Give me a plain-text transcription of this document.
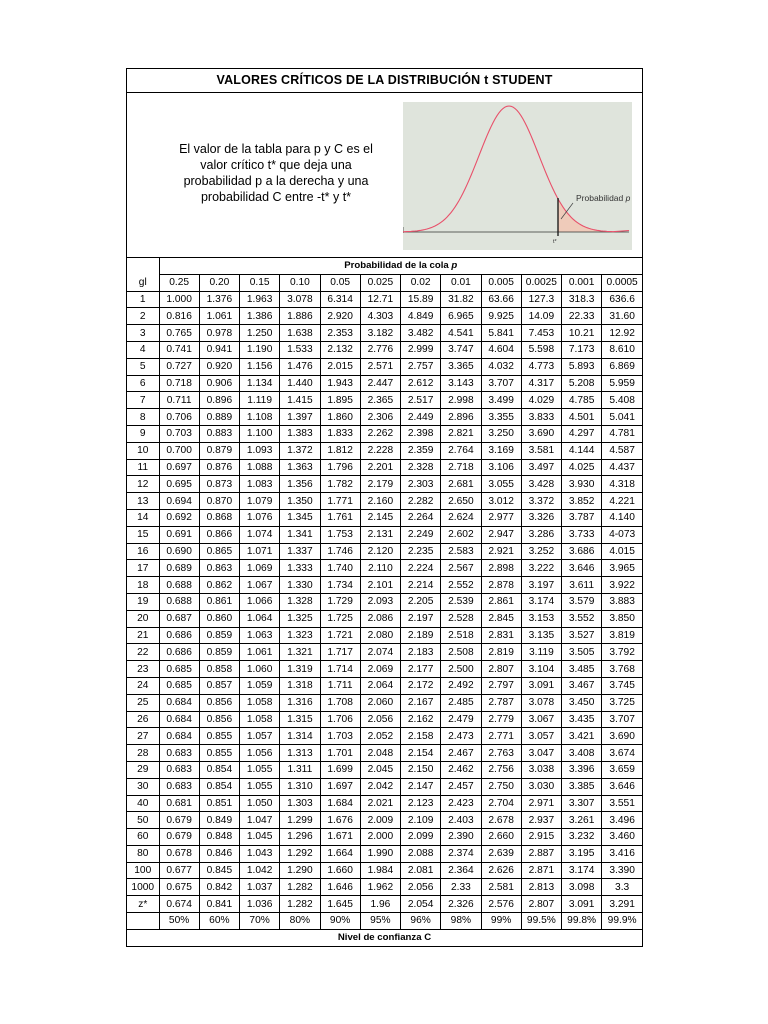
VALORES CRÍTICOS DE LA DISTRIBUCIÓN t STUDENT
El valor de la tabla para p y C es el valor crítico t* que deja una probabilidad p a la derecha y una probabilidad C entre -t* y t*	Probabilidad p
t*
	Probabilidad de la cola p											
gl	0.25	0.20	0.15	0.10	0.05	0.025	0.02	0.01	0.005	0.0025	0.001	0.0005
1	1.000	1.376	1.963	3.078	6.314	12.71	15.89	31.82	63.66	127.3	318.3	636.6
2	0.816	1.061	1.386	1.886	2.920	4.303	4.849	6.965	9.925	14.09	22.33	31.60
3	0.765	0.978	1.250	1.638	2.353	3.182	3.482	4.541	5.841	7.453	10.21	12.92
4	0.741	0.941	1.190	1.533	2.132	2.776	2.999	3.747	4.604	5.598	7.173	8.610
5	0.727	0.920	1.156	1.476	2.015	2.571	2.757	3.365	4.032	4.773	5.893	6.869
6	0.718	0.906	1.134	1.440	1.943	2.447	2.612	3.143	3.707	4.317	5.208	5.959
7	0.711	0.896	1.119	1.415	1.895	2.365	2.517	2.998	3.499	4.029	4.785	5.408
8	0.706	0.889	1.108	1.397	1.860	2.306	2.449	2.896	3.355	3.833	4.501	5.041
9	0.703	0.883	1.100	1.383	1.833	2.262	2.398	2.821	3.250	3.690	4.297	4.781
10	0.700	0.879	1.093	1.372	1.812	2.228	2.359	2.764	3.169	3.581	4.144	4.587
11	0.697	0.876	1.088	1.363	1.796	2.201	2.328	2.718	3.106	3.497	4.025	4.437
12	0.695	0.873	1.083	1.356	1.782	2.179	2.303	2.681	3.055	3.428	3.930	4.318
13	0.694	0.870	1.079	1.350	1.771	2.160	2.282	2.650	3.012	3.372	3.852	4.221
14	0.692	0.868	1.076	1.345	1.761	2.145	2.264	2.624	2.977	3.326	3.787	4.140
15	0.691	0.866	1.074	1.341	1.753	2.131	2.249	2.602	2.947	3.286	3.733	4-073
16	0.690	0.865	1.071	1.337	1.746	2.120	2.235	2.583	2.921	3.252	3.686	4.015
17	0.689	0.863	1.069	1.333	1.740	2.110	2.224	2.567	2.898	3.222	3.646	3.965
18	0.688	0.862	1.067	1.330	1.734	2.101	2.214	2.552	2.878	3.197	3.611	3.922
19	0.688	0.861	1.066	1.328	1.729	2.093	2.205	2.539	2.861	3.174	3.579	3.883
20	0.687	0.860	1.064	1.325	1.725	2.086	2.197	2.528	2.845	3.153	3.552	3.850
21	0.686	0.859	1.063	1.323	1.721	2.080	2.189	2.518	2.831	3.135	3.527	3.819
22	0.686	0.859	1.061	1.321	1.717	2.074	2.183	2.508	2.819	3.119	3.505	3.792
23	0.685	0.858	1.060	1.319	1.714	2.069	2.177	2.500	2.807	3.104	3.485	3.768
24	0.685	0.857	1.059	1.318	1.711	2.064	2.172	2.492	2.797	3.091	3.467	3.745
25	0.684	0.856	1.058	1.316	1.708	2.060	2.167	2.485	2.787	3.078	3.450	3.725
26	0.684	0.856	1.058	1.315	1.706	2.056	2.162	2.479	2.779	3.067	3.435	3.707
27	0.684	0.855	1.057	1.314	1.703	2.052	2.158	2.473	2.771	3.057	3.421	3.690
28	0.683	0.855	1.056	1.313	1.701	2.048	2.154	2.467	2.763	3.047	3.408	3.674
29	0.683	0.854	1.055	1.311	1.699	2.045	2.150	2.462	2.756	3.038	3.396	3.659
30	0.683	0.854	1.055	1.310	1.697	2.042	2.147	2.457	2.750	3.030	3.385	3.646
40	0.681	0.851	1.050	1.303	1.684	2.021	2.123	2.423	2.704	2.971	3.307	3.551
50	0.679	0.849	1.047	1.299	1.676	2.009	2.109	2.403	2.678	2.937	3.261	3.496
60	0.679	0.848	1.045	1.296	1.671	2.000	2.099	2.390	2.660	2.915	3.232	3.460
80	0.678	0.846	1.043	1.292	1.664	1.990	2.088	2.374	2.639	2.887	3.195	3.416
100	0.677	0.845	1.042	1.290	1.660	1.984	2.081	2.364	2.626	2.871	3.174	3.390
1000	0.675	0.842	1.037	1.282	1.646	1.962	2.056	2.33	2.581	2.813	3.098	3.3
z*	0.674	0.841	1.036	1.282	1.645	1.96	2.054	2.326	2.576	2.807	3.091	3.291
	50%	60%	70%	80%	90%	95%	96%	98%	99%	99.5%	99.8%	99.9%
Nivel de confianza C												
